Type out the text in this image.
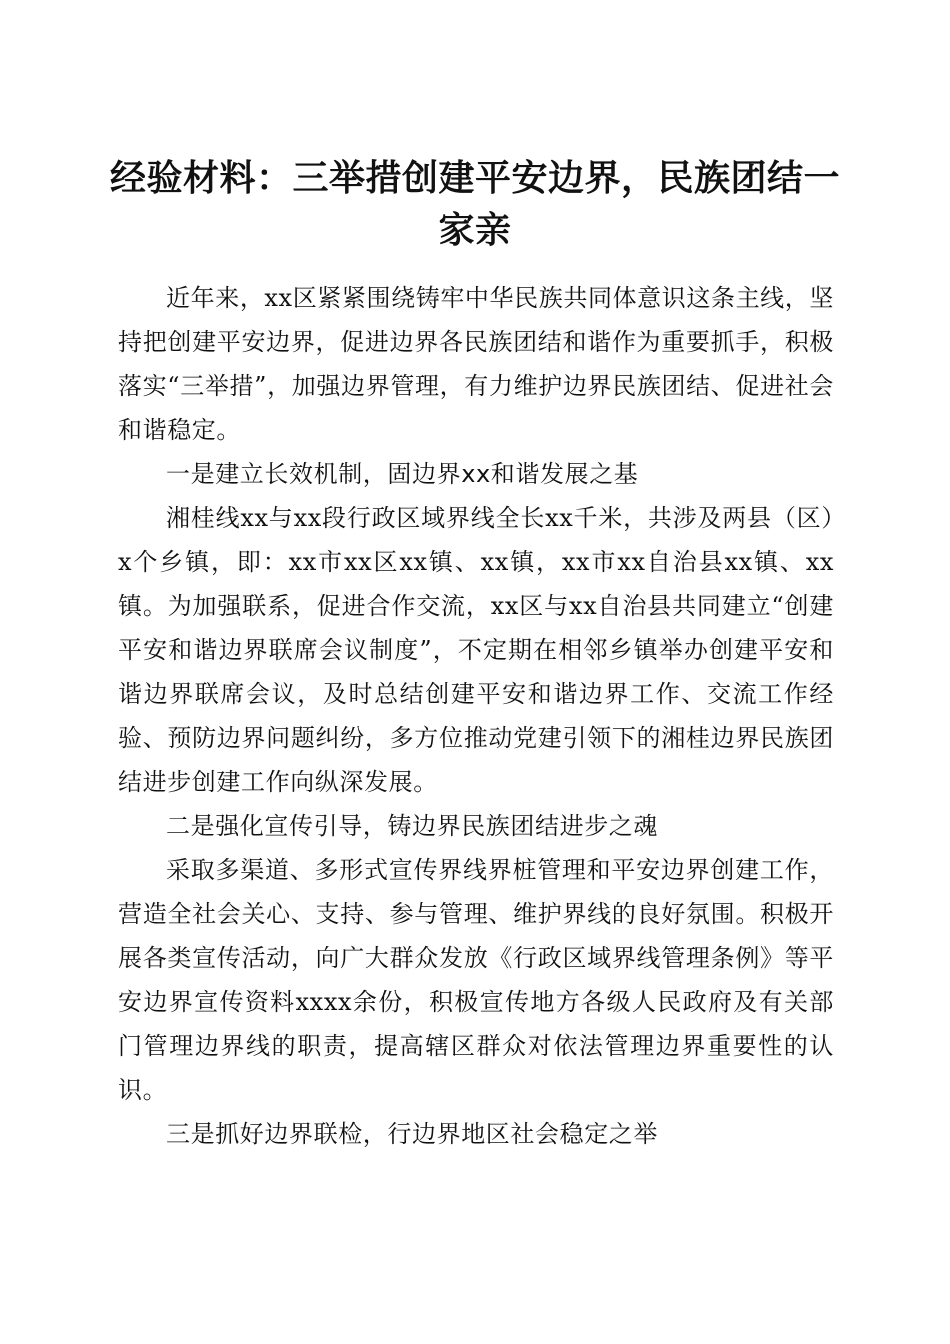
经验材料：三举措创建平安边界，民族团结一家亲

近年来，xx区紧紧围绕铸牢中华民族共同体意识这条主线，坚持把创建平安边界，促进边界各民族团结和谐作为重要抓手，积极落实“三举措”，加强边界管理，有力维护边界民族团结、促进社会和谐稳定。

一是建立长效机制，固边界xx和谐发展之基

湘桂线xx与xx段行政区域界线全长xx千米，共涉及两县（区）x个乡镇，即：xx市xx区xx镇、xx镇，xx市xx自治县xx镇、xx镇。为加强联系，促进合作交流，xx区与xx自治县共同建立“创建平安和谐边界联席会议制度”，不定期在相邻乡镇举办创建平安和谐边界联席会议，及时总结创建平安和谐边界工作、交流工作经验、预防边界问题纠纷，多方位推动党建引领下的湘桂边界民族团结进步创建工作向纵深发展。

二是强化宣传引导，铸边界民族团结进步之魂

采取多渠道、多形式宣传界线界桩管理和平安边界创建工作，营造全社会关心、支持、参与管理、维护界线的良好氛围。积极开展各类宣传活动，向广大群众发放《行政区域界线管理条例》等平安边界宣传资料xxxx余份，积极宣传地方各级人民政府及有关部门管理边界线的职责，提高辖区群众对依法管理边界重要性的认识。

三是抓好边界联检，行边界地区社会稳定之举
